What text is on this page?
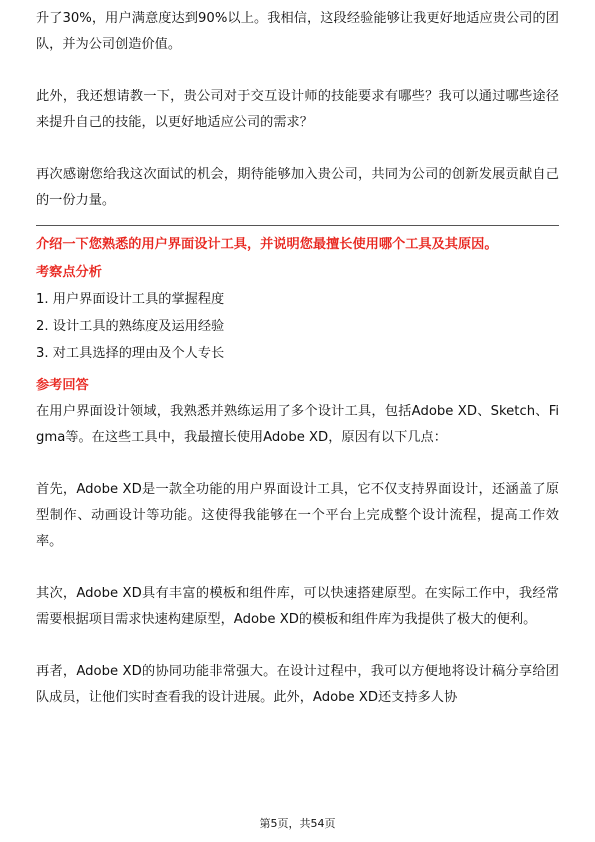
升了30%，用户满意度达到90%以上。我相信，这段经验能够让我更好地适应贵公司的团队，并为公司创造价值。

此外，我还想请教一下，贵公司对于交互设计师的技能要求有哪些？我可以通过哪些途径来提升自己的技能，以更好地适应公司的需求？

再次感谢您给我这次面试的机会，期待能够加入贵公司，共同为公司的创新发展贡献自己的一份力量。

介绍一下您熟悉的用户界面设计工具，并说明您最擅长使用哪个工具及其原因。

考察点分析

1. 用户界面设计工具的掌握程度

2. 设计工具的熟练度及运用经验

3. 对工具选择的理由及个人专长

参考回答

在用户界面设计领域，我熟悉并熟练运用了多个设计工具，包括Adobe XD、Sketch、Figma等。在这些工具中，我最擅长使用Adobe XD，原因有以下几点：

首先，Adobe XD是一款全功能的用户界面设计工具，它不仅支持界面设计，还涵盖了原型制作、动画设计等功能。这使得我能够在一个平台上完成整个设计流程，提高工作效率。

其次，Adobe XD具有丰富的模板和组件库，可以快速搭建原型。在实际工作中，我经常需要根据项目需求快速构建原型，Adobe XD的模板和组件库为我提供了极大的便利。

再者，Adobe XD的协同功能非常强大。在设计过程中，我可以方便地将设计稿分享给团队成员，让他们实时查看我的设计进展。此外，Adobe XD还支持多人协

第5页，共54页
